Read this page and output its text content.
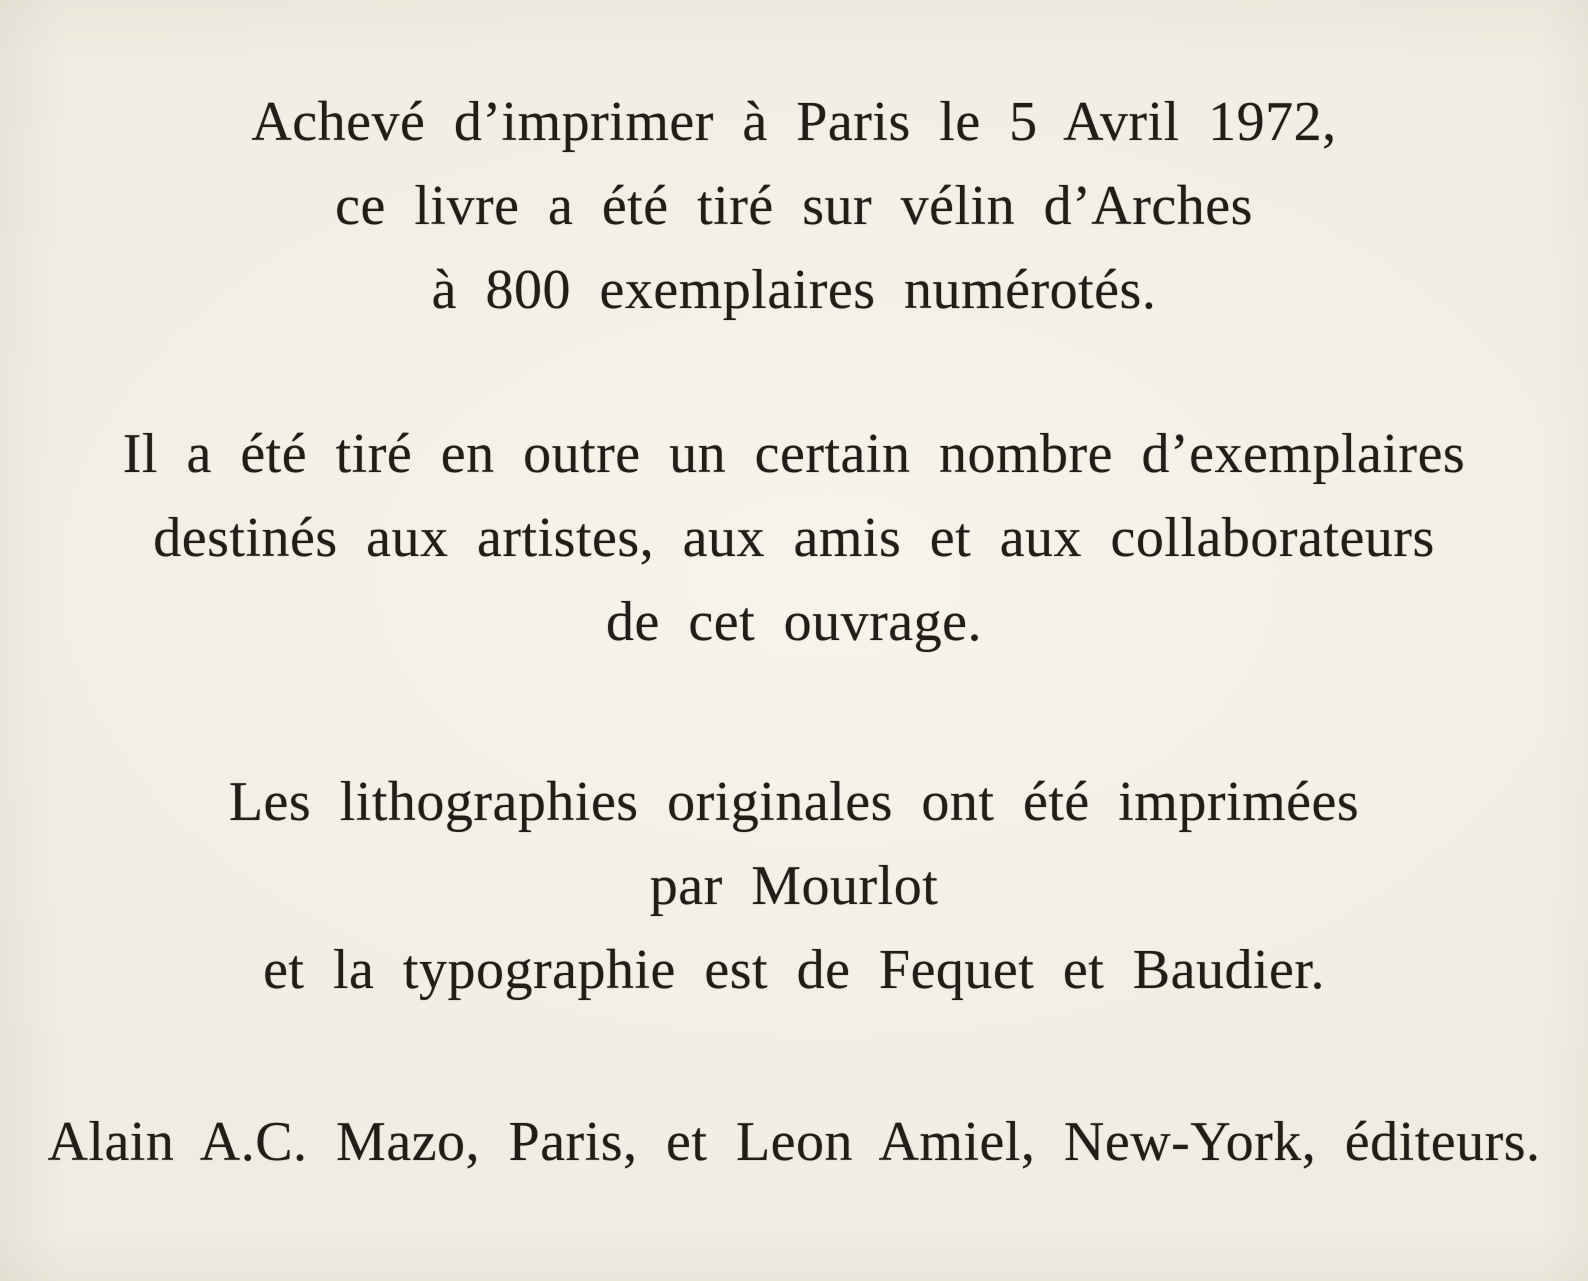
Achevé d’imprimer à Paris le 5 Avril 1972,
ce livre a été tiré sur vélin d’Arches
à 800 exemplaires numérotés.
Il a été tiré en outre un certain nombre d’exemplaires
destinés aux artistes, aux amis et aux collaborateurs
de cet ouvrage.
Les lithographies originales ont été imprimées
par Mourlot
et la typographie est de Fequet et Baudier.
Alain A.C. Mazo, Paris, et Leon Amiel, New-York, éditeurs.
